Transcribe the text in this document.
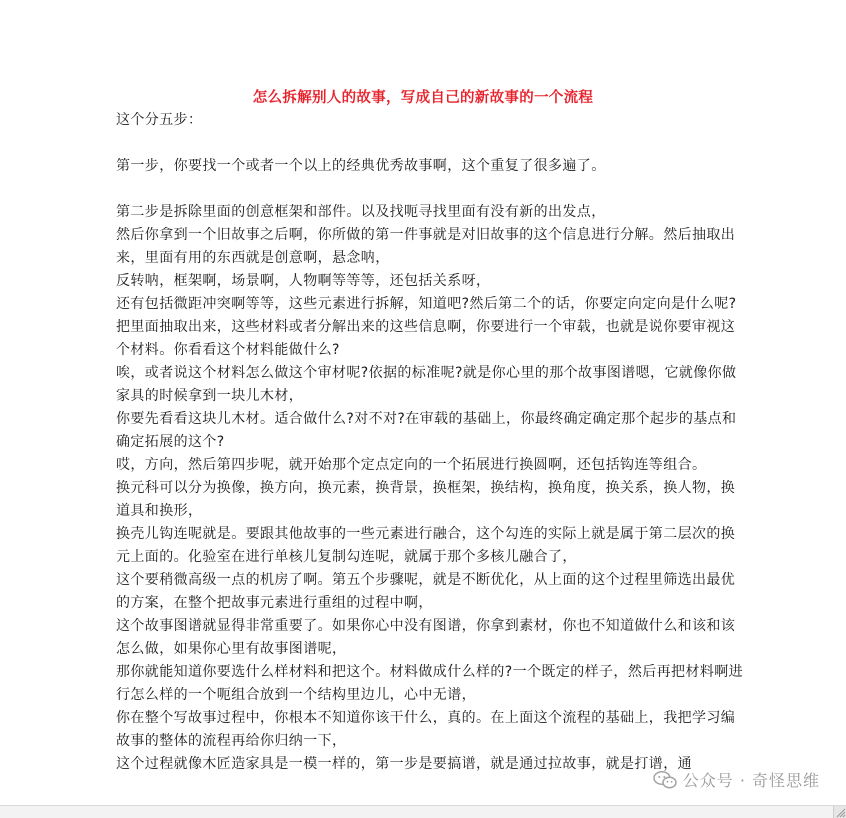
怎么拆解别人的故事，写成自己的新故事的一个流程

这个分五步：

第一步，你要找一个或者一个以上的经典优秀故事啊，这个重复了很多遍了。

第二步是拆除里面的创意框架和部件。以及找呃寻找里面有没有新的出发点，

然后你拿到一个旧故事之后啊，你所做的第一件事就是对旧故事的这个信息进行分解。然后抽取出来，里面有用的东西就是创意啊，悬念呐，

反转呐，框架啊，场景啊，人物啊等等等，还包括关系呀，

还有包括微距冲突啊等等，这些元素进行拆解，知道吧?然后第二个的话，你要定向定向是什么呢?

把里面抽取出来，这些材料或者分解出来的这些信息啊，你要进行一个审载，也就是说你要审视这个材料。你看看这个材料能做什么?

唉，或者说这个材料怎么做这个审材呢?依据的标准呢?就是你心里的那个故事图谱嗯，它就像你做家具的时候拿到一块儿木材，

你要先看看这块儿木材。适合做什么?对不对?在审载的基础上，你最终确定确定那个起步的基点和确定拓展的这个?

哎，方向，然后第四步呢，就开始那个定点定向的一个拓展进行换圆啊，还包括钩连等组合。

换元科可以分为换像，换方向，换元素，换背景，换框架，换结构，换角度，换关系，换人物，换道具和换形，

换壳儿钩连呢就是。要跟其他故事的一些元素进行融合，这个勾连的实际上就是属于第二层次的换元上面的。化验室在进行单核儿复制勾连呢，就属于那个多核儿融合了，

这个要稍微高级一点的机房了啊。第五个步骤呢，就是不断优化，从上面的这个过程里筛选出最优的方案，在整个把故事元素进行重组的过程中啊，

这个故事图谱就显得非常重要了。如果你心中没有图谱，你拿到素材，你也不知道做什么和该和该怎么做，如果你心里有故事图谱呢，

那你就能知道你要选什么样材料和把这个。材料做成什么样的?一个既定的样子，然后再把材料啊进行怎么样的一个呃组合放到一个结构里边儿，心中无谱，

你在整个写故事过程中，你根本不知道你该干什么，真的。在上面这个流程的基础上，我把学习编故事的整体的流程再给你归纳一下，

这个过程就像木匠造家具是一模一样的，第一步是要搞谱，就是通过拉故事，就是打谱，通

公众号 · 奇怪思维
